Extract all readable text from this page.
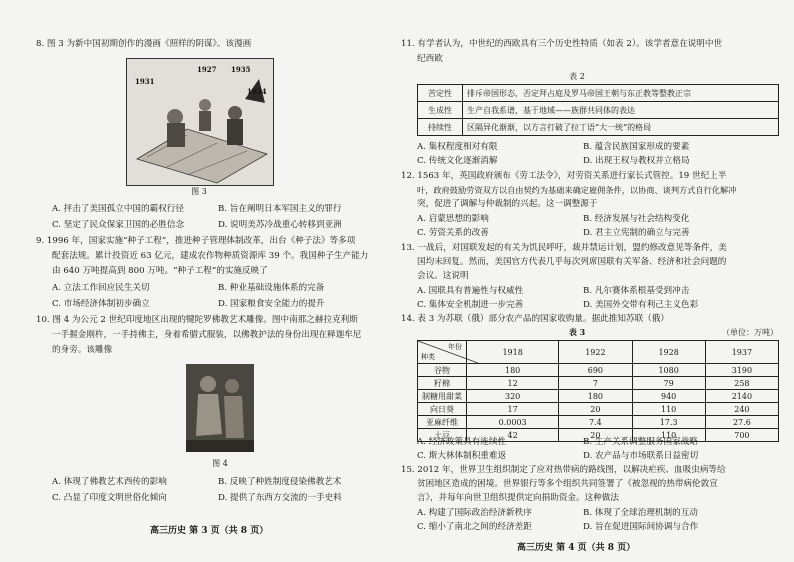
8. 图 3 为新中国初期创作的漫画《照样的阴谋》。该漫画
1927
1931
1934
1935
图 3
A. 抨击了美国孤立中国的霸权行径	B. 旨在阐明日本军国主义的罪行
C. 坚定了民众保家卫国的必胜信念	D. 说明美苏冷战重心转移到亚洲
9. 1996 年，国家实施“种子工程”，推进种子管理体制改革，出台《种子法》等多项
配套法规。累计投资近 63 亿元，建成农作物种质资源库 39 个。我国种子生产能力
由 640 万吨提高到 800 万吨。“种子工程”的实施反映了
A. 立法工作回应民生关切	B. 种业基础设施体系的完备
C. 市场经济体制初步确立	D. 国家粮食安全能力的提升
10. 图 4 为公元 2 世纪印度地区出现的犍陀罗佛教艺术雕像。图中南那之赫拉克利斯
一手握金刚杵，一手持佛主，身着希腊式服装，以佛教护法的身份出现在释迦牟尼
的身旁。该雕像
图 4
A. 体现了佛教艺术西传的影响	B. 反映了种姓制度侵染佛教艺术
C. 凸显了印度文明世俗化倾向	D. 提供了东西方交流的一手史料
高三历史 第 3 页（共 8 页）
11. 有学者认为，中世纪的西欧具有三个历史性特质（如表 2）。该学者意在说明中世
纪西欧
表 2
苦定性	排斥帝国形态，否定拜占庭及罗马帝国王朝与东正教等整教正宗
生成性	生产自我系谱，基于地域——族群共同体的表达
持续性	区隔异化渐渐，以方言打破了拉丁语“大一统”的格局
A. 集权程度相对有限	B. 蕴含民族国家形成的要素
C. 传统文化逐渐消解	D. 出现王权与教权并立格局
12. 1563 年，英国政府颁布《劳工法令》，对劳资关系进行家长式管控。19 世纪上半
叶，政府鼓励劳资双方以自由契约为基础来确定雇佣条件，以协商、谈判方式自行化解冲
突，促进了调解与仲裁制的兴起。这一调整源于
A. 启蒙思想的影响	B. 经济发展与社会结构变化
C. 劳资关系的改善	D. 君主立宪制的确立与完善
13. 一战后，对国联发起的有关为饥民呼吁，裁并禁运计划，盟约修改意见等条件，美
国均未回复。然而，美国官方代表几乎每次列席国联有关军备、经济和社会问题的
会议。这说明
A. 国联具有普遍性与权威性	B. 凡尔赛体系根基受到冲击
C. 集体安全机制进一步完善	D. 美国外交带有利己主义色彩
14. 表 3 为苏联（俄）部分农产品的国家收购量。据此推知苏联（俄）
表 3	（单位：万吨）
年份
种类	1918	1922	1928	1937
谷物	180	690	1080	3190
籽棉	12	7	79	258
制糖用甜菜	320	180	940	2140
向日葵	17	20	110	240
亚麻纤维	0.0003	7.4	17.3	27.6
土豆	42	20	110	700
A. 经济政策具有连续性	B. 生产关系调整服务国家战略
C. 斯大林体制积重难返	D. 农产品与市场联系日益密切
15. 2012 年，世界卫生组织制定了应对热带病的路线图，以解决疟疾、血吸虫病等给
贫困地区造成的困境。世界银行等多个组织共同签署了《被忽视的热带病伦敦宣
言》，并每年向世卫组织提供定向捐助资金。这种做法
A. 构建了国际政治经济新秩序	B. 体现了全球治理机制的互动
C. 缩小了南北之间的经济差距	D. 旨在促进国际间协调与合作
高三历史 第 4 页（共 8 页）
